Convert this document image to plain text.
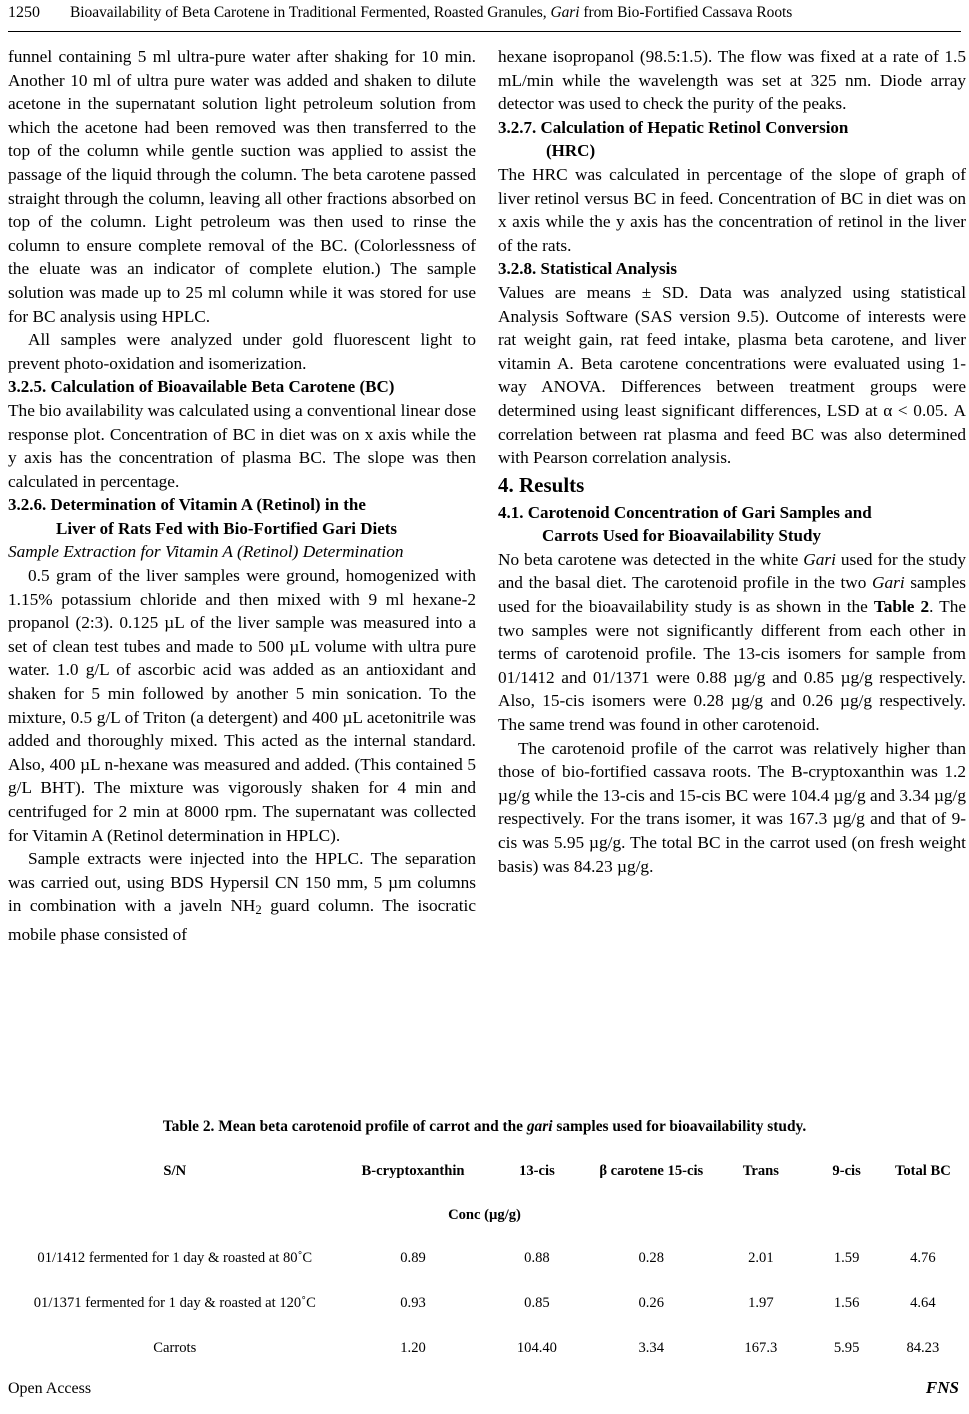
1250	Bioavailability of Beta Carotene in Traditional Fermented, Roasted Granules, Gari from Bio-Fortified Cassava Roots

funnel containing 5 ml ultra-pure water after shaking for 10 min. Another 10 ml of ultra pure water was added and shaken to dilute acetone in the supernatant solution light petroleum solution from which the acetone had been removed was then transferred to the top of the column while gentle suction was applied to assist the passage of the liquid through the column. The beta carotene passed straight through the column, leaving all other fractions absorbed on top of the column. Light petroleum was then used to rinse the column to ensure complete removal of the BC. (Colorlessness of the eluate was an indicator of complete elution.) The sample solution was made up to 25 ml column while it was stored for use for BC analysis using HPLC.

All samples were analyzed under gold fluorescent light to prevent photo-oxidation and isomerization.

3.2.5. Calculation of Bioavailable Beta Carotene (BC)

The bio availability was calculated using a conventional linear dose response plot. Concentration of BC in diet was on x axis while the y axis has the concentration of plasma BC. The slope was then calculated in percentage.

3.2.6. Determination of Vitamin A (Retinol) in the
Liver of Rats Fed with Bio-Fortified Gari Diets

Sample Extraction for Vitamin A (Retinol) Determination

0.5 gram of the liver samples were ground, homogenized with 1.15% potassium chloride and then mixed with 9 ml hexane-2 propanol (2:3). 0.125 µL of the liver sample was measured into a set of clean test tubes and made to 500 µL volume with ultra pure water. 1.0 g/L of ascorbic acid was added as an antioxidant and shaken for 5 min followed by another 5 min sonication. To the mixture, 0.5 g/L of Triton (a detergent) and 400 µL acetonitrile was added and thoroughly mixed. This acted as the internal standard. Also, 400 µL n-hexane was measured and added. (This contained 5 g/L BHT). The mixture was vigorously shaken for 4 min and centrifuged for 2 min at 8000 rpm. The supernatant was collected for Vitamin A (Retinol determination in HPLC).

Sample extracts were injected into the HPLC. The separation was carried out, using BDS Hypersil CN 150 mm, 5 µm columns in combination with a javeln $NH_2$ guard column. The isocratic mobile phase consisted of

hexane isopropanol (98.5:1.5). The flow was fixed at a rate of 1.5 mL/min while the wavelength was set at 325 nm. Diode array detector was used to check the purity of the peaks.

3.2.7. Calculation of Hepatic Retinol Conversion
(HRC)

The HRC was calculated in percentage of the slope of graph of liver retinol versus BC in feed. Concentration of BC in diet was on x axis while the y axis has the concentration of retinol in the liver of the rats.

3.2.8. Statistical Analysis

Values are means ± SD. Data was analyzed using statistical Analysis Software (SAS version 9.5). Outcome of interests were rat weight gain, rat feed intake, plasma beta carotene, and liver vitamin A. Beta carotene concentrations were evaluated using 1-way ANOVA. Differences between treatment groups were determined using least significant differences, LSD at α < 0.05. A correlation between rat plasma and feed BC was also determined with Pearson correlation analysis.

4. Results
4.1. Carotenoid Concentration of Gari Samples and
Carrots Used for Bioavailability Study

No beta carotene was detected in the white Gari used for the study and the basal diet. The carotenoid profile in the two Gari samples used for the bioavailability study is as shown in the Table 2. The two samples were not significantly different from each other in terms of carotenoid profile. The 13-cis isomers for sample from 01/1412 and 01/1371 were 0.88 µg/g and 0.85 µg/g respectively. Also, 15-cis isomers were 0.28 µg/g and 0.26 µg/g respectively. The same trend was found in other carotenoid.

The carotenoid profile of the carrot was relatively higher than those of bio-fortified cassava roots. The B-cryptoxanthin was 1.2 µg/g while the 13-cis and 15-cis BC were 104.4 µg/g and 3.34 µg/g respectively. For the trans isomer, it was 167.3 µg/g and that of 9-cis was 5.95 µg/g. The total BC in the carrot used (on fresh weight basis) was 84.23 µg/g.

Table 2. Mean beta carotenoid profile of carrot and the gari samples used for bioavailability study.
S/N	B-cryptoxanthin	13-cis	β carotene 15-cis	Trans	9-cis	Total BC
Conc (µg/g)						
01/1412 fermented for 1 day & roasted at 80˚C	0.89	0.88	0.28	2.01	1.59	4.76
01/1371 fermented for 1 day & roasted at 120˚C	0.93	0.85	0.26	1.97	1.56	4.64
Carrots	1.20	104.40	3.34	167.3	5.95	84.23
Open Access	FNS
